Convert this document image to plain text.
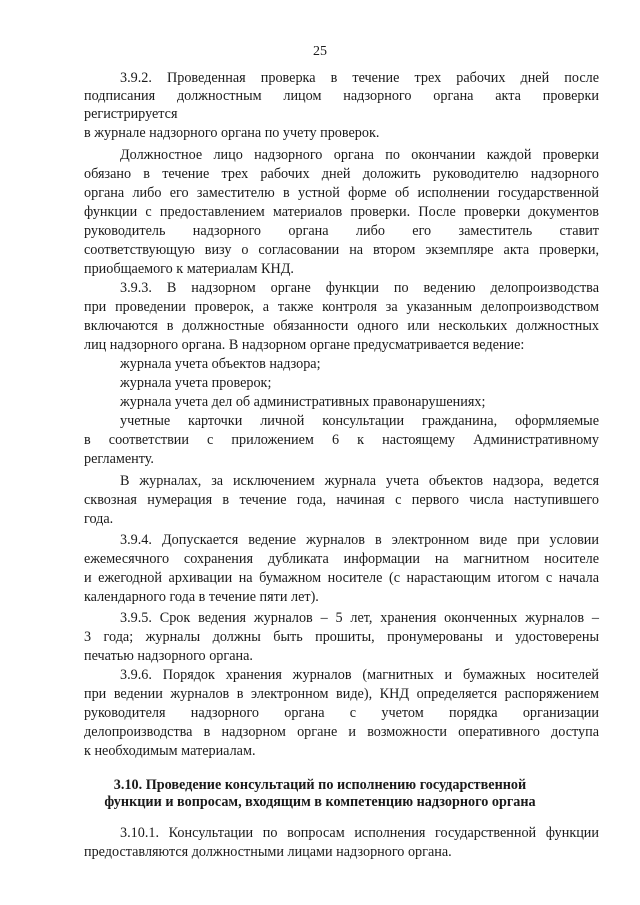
25
3.9.2. Проведенная проверка в течение трех рабочих дней после
подписания должностным лицом надзорного органа акта проверки
регистрируется
в журнале надзорного органа по учету проверок.
Должностное лицо надзорного органа по окончании каждой проверки
обязано в течение трех рабочих дней доложить руководителю надзорного
органа либо его заместителю в устной форме об исполнении государственной
функции с предоставлением материалов проверки. После проверки документов
руководитель надзорного органа либо его заместитель ставит
соответствующую визу о согласовании на втором экземпляре акта проверки,
приобщаемого к материалам КНД.
3.9.3. В надзорном органе функции по ведению делопроизводства
при проведении проверок, а также контроля за указанным делопроизводством
включаются в должностные обязанности одного или нескольких должностных
лиц надзорного органа. В надзорном органе предусматривается ведение:
журнала учета объектов надзора;
журнала учета проверок;
журнала учета дел об административных правонарушениях;
учетные карточки личной консультации гражданина, оформляемые
в соответствии с приложением 6 к настоящему Административному
регламенту.
В журналах, за исключением журнала учета объектов надзора, ведется
сквозная нумерация в течение года, начиная с первого числа наступившего
года.
3.9.4. Допускается ведение журналов в электронном виде при условии
ежемесячного сохранения дубликата информации на магнитном носителе
и ежегодной архивации на бумажном носителе (с нарастающим итогом с начала
календарного года в течение пяти лет).
3.9.5. Срок ведения журналов – 5 лет, хранения оконченных журналов –
3 года; журналы должны быть прошиты, пронумерованы и удостоверены
печатью надзорного органа.
3.9.6. Порядок хранения журналов (магнитных и бумажных носителей
при ведении журналов в электронном виде), КНД определяется распоряжением
руководителя надзорного органа с учетом порядка организации
делопроизводства в надзорном органе и возможности оперативного доступа
к необходимым материалам.
3.10. Проведение консультаций по исполнению государственной
функции и вопросам, входящим в компетенцию надзорного органа
3.10.1. Консультации по вопросам исполнения государственной функции
предоставляются должностными лицами надзорного органа.
